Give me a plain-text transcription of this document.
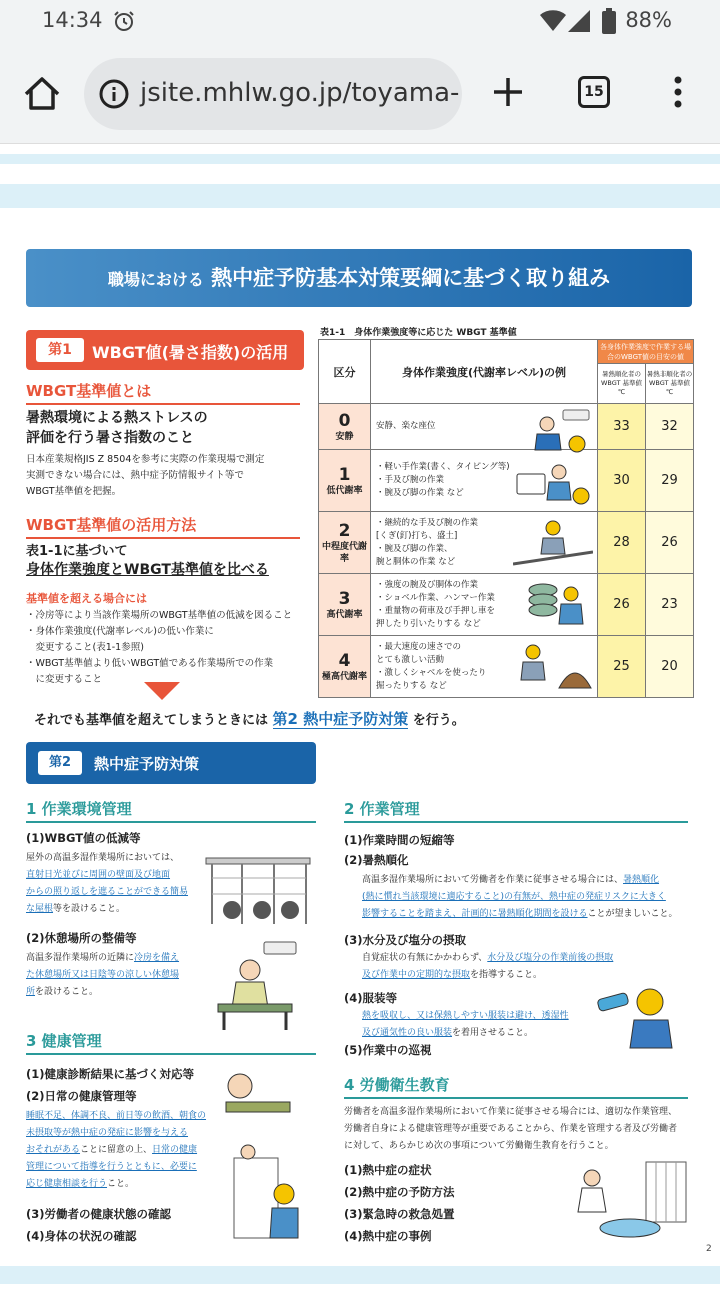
14:34	88%
jsite.mhlw.go.jp/toyama-	15
職場における 熱中症予防基本対策要綱に基づく取り組み
第1	WBGT値(暑さ指数)の活用
WBGT基準値とは
暑熱環境による熱ストレスの
評価を行う暑さ指数のこと
日本産業規格JIS Z 8504を参考に実際の作業現場で測定
実測できない場合には、熱中症予防情報サイト等で
WBGT基準値を把握。
WBGT基準値の活用方法
表1-1に基づいて
身体作業強度とWBGT基準値を比べる
基準値を超える場合には
・冷房等により当該作業場所のWBGT基準値の低減を図ること
・身体作業強度(代謝率レベル)の低い作業に
　変更すること(表1-1参照)
・WBGT基準値より低いWBGT値である作業場所での作業
　に変更すること
表1-1　身体作業強度等に応じた WBGT 基準値
区分	身体作業強度(代謝率レベル)の例	各身体作業強度で作業する場合のWBGT値の目安の値	
		暑熱順化者の WBGT 基準値 ℃	暑熱非順化者の WBGT 基準値 ℃

0
安静	安静、楽な座位	33	32

1
低代謝率	・軽い手作業(書く、タイピング等)
・手及び腕の作業
・腕及び脚の作業 など	30	29

2
中程度代謝率	・継続的な手及び腕の作業
[くぎ(釘)打ち、盛土]
・腕及び脚の作業、
腕と胴体の作業 など	28	26

3
高代謝率	・強度の腕及び胴体の作業
・ショベル作業、ハンマー作業
・重量物の荷車及び手押し車を
押したり引いたりする など	26	23

4
極高代謝率	・最大速度の速さでの
とても激しい活動
・激しくシャベルを使ったり
掘ったりする など	25	20
それでも基準値を超えてしまうときには 第2 熱中症予防対策 を行う。
第2	熱中症予防対策
1 作業環境管理
(1)WBGT値の低減等
屋外の高温多湿作業場所においては、
直射日光並びに周囲の壁面及び地面
からの照り返しを遮ることができる簡易
な屋根等を設けること。
(2)休憩場所の整備等
高温多湿作業場所の近隣に冷房を備え
た休憩場所又は日陰等の涼しい休憩場
所を設けること。
3 健康管理
(1)健康診断結果に基づく対応等
(2)日常の健康管理等
睡眠不足、体調不良、前日等の飲酒、朝食の
未摂取等が熱中症の発症に影響を与える
おそれがあることに留意の上、日常の健康
管理について指導を行うとともに、必要に
応じ健康相談を行うこと。
(3)労働者の健康状態の確認
(4)身体の状況の確認
2 作業管理
(1)作業時間の短縮等
(2)暑熱順化
高温多湿作業場所において労働者を作業に従事させる場合には、暑熱順化
(熱に慣れ当該環境に適応すること)の有無が、熱中症の発症リスクに大きく
影響することを踏まえ、計画的に暑熱順化期間を設けることが望ましいこと。
(3)水分及び塩分の摂取
自覚症状の有無にかかわらず、水分及び塩分の作業前後の摂取
及び作業中の定期的な摂取を指導すること。
(4)服装等
熱を吸収し、又は保熱しやすい服装は避け、透湿性
及び通気性の良い服装を着用させること。
(5)作業中の巡視
4 労働衛生教育
労働者を高温多湿作業場所において作業に従事させる場合には、適切な作業管理、
労働者自身による健康管理等が重要であることから、作業を管理する者及び労働者
に対して、あらかじめ次の事項について労働衛生教育を行うこと。
(1)熱中症の症状
(2)熱中症の予防方法
(3)緊急時の救急処置
(4)熱中症の事例
2
